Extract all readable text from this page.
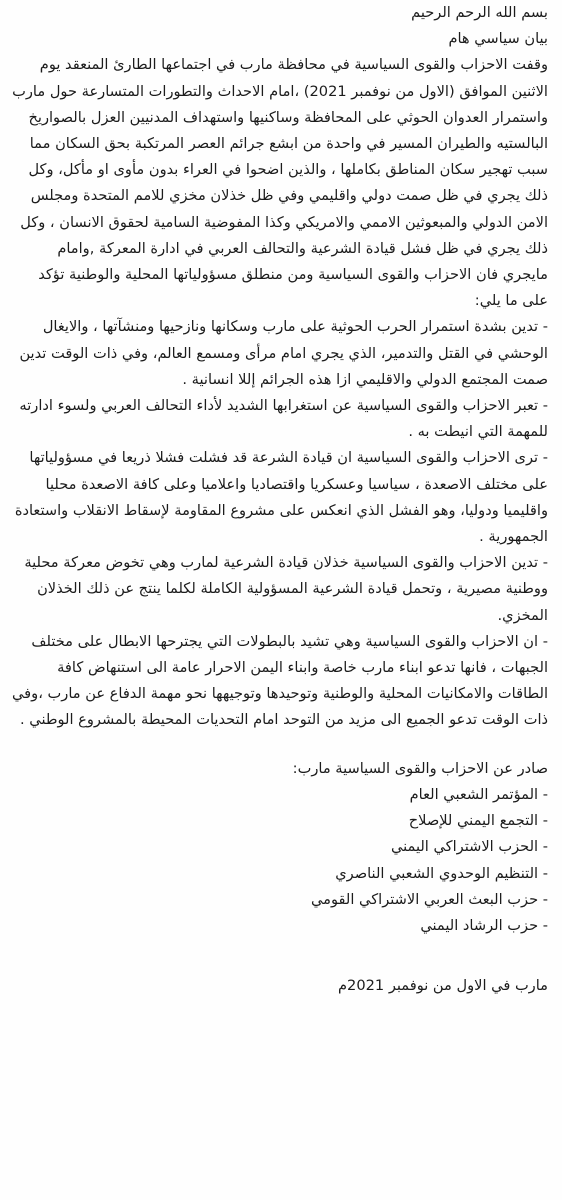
بسم الله الرحم الرحيم

بيان سياسي هام

وقفت الاحزاب والقوى السياسية في محافظة مارب في اجتماعها الطارئ المنعقد يوم الاثنين الموافق (الاول من نوفمبر 2021) ،امام الاحداث والتطورات المتسارعة حول مارب واستمرار العدوان الحوثي على المحافظة وساكنيها واستهداف المدنيين العزل بالصواريخ البالستيه والطيران المسير في واحدة من ابشع جرائم العصر المرتكبة بحق السكان مما سبب تهجير سكان المناطق بكاملها ، والذين اضحوا في العراء بدون مأوى او مأكل، وكل ذلك يجري في ظل صمت دولي واقليمي وفي ظل خذلان مخزي للامم المتحدة ومجلس الامن الدولي والمبعوثين الاممي والامريكي وكذا المفوضية السامية لحقوق الانسان ، وكل ذلك يجري في ظل فشل قيادة الشرعية والتحالف العربي في ادارة المعركة ,وامام مايجري فان الاحزاب والقوى السياسية ومن منطلق مسؤولياتها المحلية والوطنية تؤكد على ما يلي:

- تدين بشدة استمرار الحرب الحوثية على مارب وسكانها ونازحيها ومنشآتها ، والايغال الوحشي في القتل والتدمير، الذي يجري امام مرأى ومسمع العالم، وفي ذات الوقت تدين صمت المجتمع الدولي والاقليمي ازا هذه الجرائم إللا انسانية .

- تعبر الاحزاب والقوى السياسية عن استغرابها الشديد لأداء التحالف العربي ولسوء ادارته للمهمة التي انيطت به .

- ترى الاحزاب والقوى السياسية ان قيادة الشرعة قد فشلت فشلا ذريعا في مسؤولياتها

على مختلف الاصعدة ، سياسيا وعسكريا واقتصاديا واعلاميا وعلى كافة الاصعدة محليا واقليميا ودوليا، وهو الفشل الذي انعكس على مشروع المقاومة لإسقاط الانقلاب واستعادة الجمهورية .

- تدين الاحزاب والقوى السياسية خذلان قيادة الشرعية لمارب وهي تخوض معركة محلية ووطنية مصيرية ، وتحمل قيادة الشرعية المسؤولية الكاملة لكلما ينتج عن ذلك الخذلان المخزي.

- ان الاحزاب والقوى السياسية وهي تشيد بالبطولات التي يجترحها الابطال على مختلف الجبهات ، فانها تدعو ابناء مارب خاصة وابناء اليمن الاحرار عامة الى استنهاض كافة الطاقات والامكانيات المحلية والوطنية وتوحيدها وتوجيهها نحو مهمة الدفاع عن مارب ،وفي ذات الوقت تدعو الجميع الى مزيد من التوحد امام التحديات المحيطة بالمشروع الوطني .

صادر عن الاحزاب والقوى السياسية مارب:

- المؤتمر الشعبي العام

- التجمع اليمني للإصلاح

- الحزب الاشتراكي اليمني

- التنظيم الوحدوي الشعبي الناصري

- حزب البعث العربي الاشتراكي القومي

- حزب الرشاد اليمني

مارب في الاول من نوفمبر 2021م
